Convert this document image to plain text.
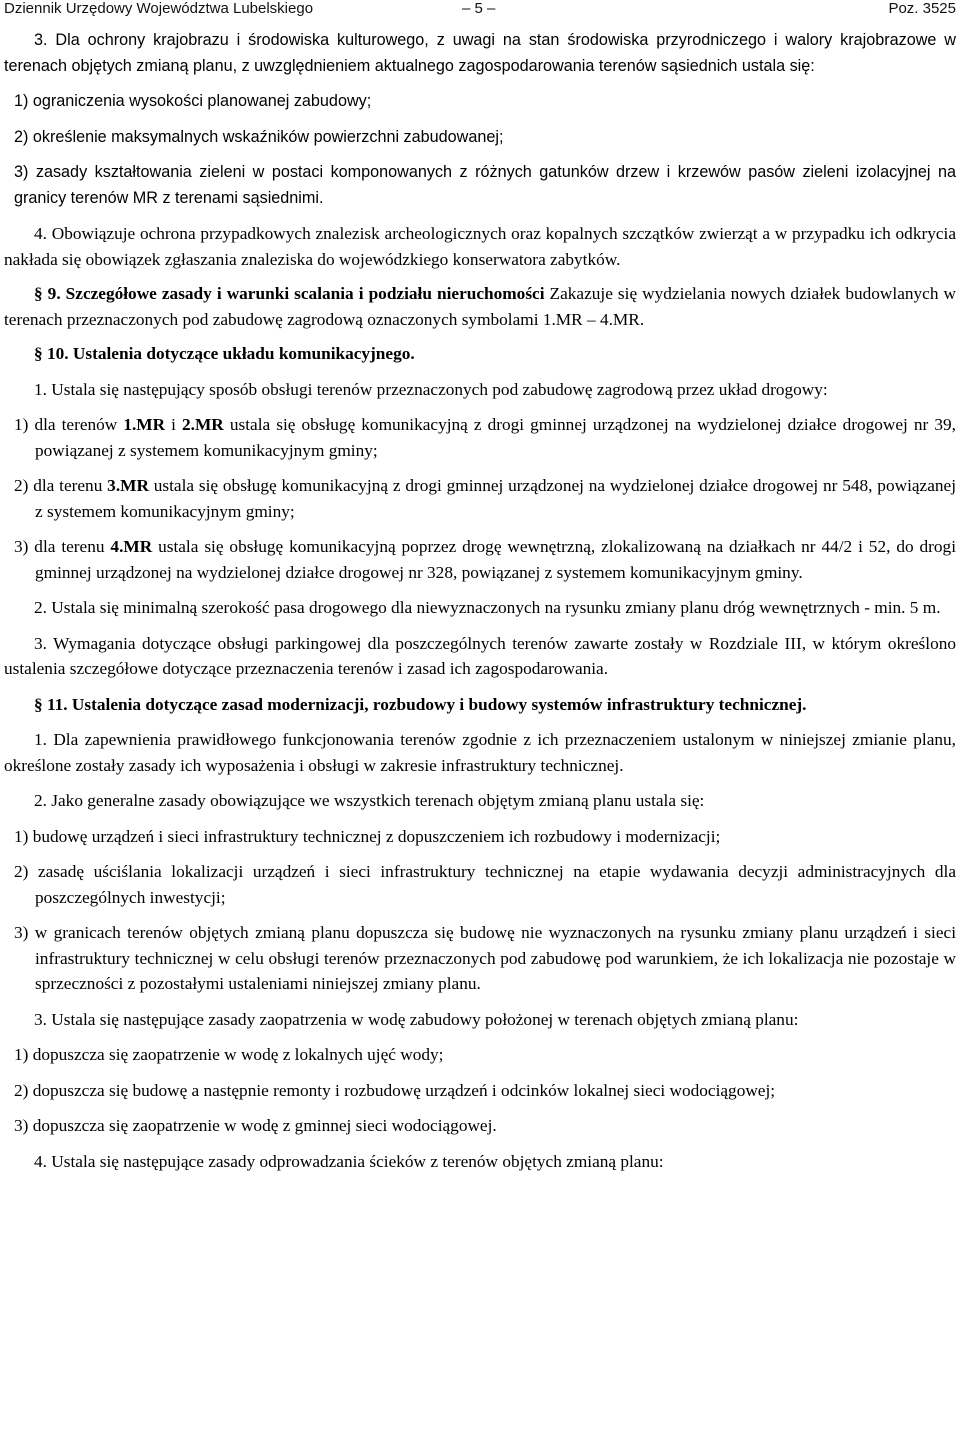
Dziennik Urzędowy Województwa Lubelskiego	– 5 –	Poz. 3525

3. Dla ochrony krajobrazu i środowiska kulturowego, z uwagi na stan środowiska przyrodniczego i walory krajobrazowe w terenach objętych zmianą planu, z uwzględnieniem aktualnego zagospodarowania terenów sąsiednich ustala się:

1) ograniczenia wysokości planowanej zabudowy;

2) określenie maksymalnych wskaźników powierzchni zabudowanej;

3) zasady kształtowania zieleni w postaci komponowanych z różnych gatunków drzew i krzewów pasów zieleni izolacyjnej na granicy terenów MR z terenami sąsiednimi.

4. Obowiązuje ochrona przypadkowych znalezisk archeologicznych oraz kopalnych szczątków zwierząt a w przypadku ich odkrycia nakłada się obowiązek zgłaszania znaleziska do wojewódzkiego konserwatora zabytków.

§ 9. Szczegółowe zasady i warunki scalania i podziału nieruchomości Zakazuje się wydzielania nowych działek budowlanych w terenach przeznaczonych pod zabudowę zagrodową oznaczonych symbolami 1.MR – 4.MR.

§ 10. Ustalenia dotyczące układu komunikacyjnego.

1. Ustala się następujący sposób obsługi terenów przeznaczonych pod zabudowę zagrodową przez układ drogowy:

1) dla terenów 1.MR i 2.MR ustala się obsługę komunikacyjną z drogi gminnej urządzonej na wydzielonej działce drogowej nr 39, powiązanej z systemem komunikacyjnym gminy;

2) dla terenu 3.MR ustala się obsługę komunikacyjną z drogi gminnej urządzonej na wydzielonej działce drogowej nr 548, powiązanej z systemem komunikacyjnym gminy;

3) dla terenu 4.MR ustala się obsługę komunikacyjną poprzez drogę wewnętrzną, zlokalizowaną na działkach nr 44/2 i 52, do drogi gminnej urządzonej na wydzielonej działce drogowej nr 328, powiązanej z systemem komunikacyjnym gminy.

2. Ustala się minimalną szerokość pasa drogowego dla niewyznaczonych na rysunku zmiany planu dróg wewnętrznych - min. 5 m.

3. Wymagania dotyczące obsługi parkingowej dla poszczególnych terenów zawarte zostały w Rozdziale III, w którym określono ustalenia szczegółowe dotyczące przeznaczenia terenów i zasad ich zagospodarowania.

§ 11. Ustalenia dotyczące zasad modernizacji, rozbudowy i budowy systemów infrastruktury technicznej.

1. Dla zapewnienia prawidłowego funkcjonowania terenów zgodnie z ich przeznaczeniem ustalonym w niniejszej zmianie planu, określone zostały zasady ich wyposażenia i obsługi w zakresie infrastruktury technicznej.

2. Jako generalne zasady obowiązujące we wszystkich terenach objętym zmianą planu ustala się:

1) budowę urządzeń i sieci infrastruktury technicznej z dopuszczeniem ich rozbudowy i modernizacji;

2) zasadę uściślania lokalizacji urządzeń i sieci infrastruktury technicznej na etapie wydawania decyzji administracyjnych dla poszczególnych inwestycji;

3) w granicach terenów objętych zmianą planu dopuszcza się budowę nie wyznaczonych na rysunku zmiany planu urządzeń i sieci infrastruktury technicznej w celu obsługi terenów przeznaczonych pod zabudowę pod warunkiem, że ich lokalizacja nie pozostaje w sprzeczności z pozostałymi ustaleniami niniejszej zmiany planu.

3. Ustala się następujące zasady zaopatrzenia w wodę zabudowy położonej w terenach objętych zmianą planu:

1) dopuszcza się zaopatrzenie w wodę z lokalnych ujęć wody;

2) dopuszcza się budowę a następnie remonty i rozbudowę urządzeń i odcinków lokalnej sieci wodociągowej;

3) dopuszcza się zaopatrzenie w wodę z gminnej sieci wodociągowej.

4. Ustala się następujące zasady odprowadzania ścieków z terenów objętych zmianą planu:
